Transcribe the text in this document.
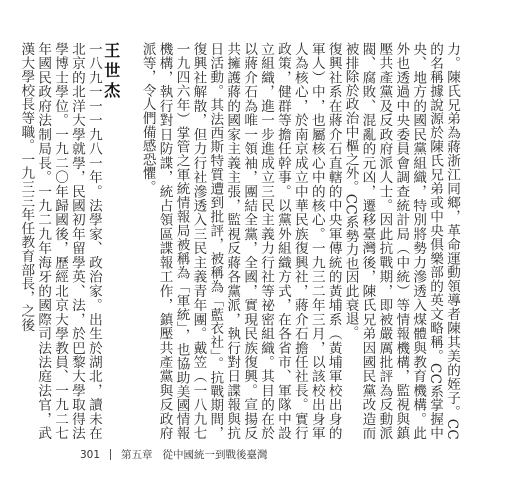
力。陳氏兄弟為蔣浙江同鄉，革命運動領導者陳其美的姪子。CC的名稱據說源於陳氏兄弟或中央俱樂部的英文略稱。CC系掌握中央、地方的國民黨組織，特別將勢力滲透入煤體與教育機構。此外也透過中央委員會調查統計局（中統）等情報機構，監視與鎮壓共產黨及反政府派人士。因此抗戰期，即被嚴厲批評為反動派閥、腐敗、混亂的元凶，遷移臺灣後，陳氏兄弟因國民黨改造而被排除於政治中樞之外。CC系勢力也因此衰退。

復興社系在蔣介石直轄的中央軍傳統的黃埔系（黃埔軍校出身的軍人）中，也屬核心中的核心。一九三二年三月，以該校出身軍人為核心，於南京成立中華民族復興社，蔣介石擔任社長。實行政策，健群等擔任幹事。以黨外組織方式，在各省市、軍隊中設立組織，進一步進成立三民主義力行社等祕密組織。其目的在於以蔣介石為唯一領袖，團結全黨，全國，實現民族復興。宣揚反共擁護蔣的國家主義主張，監視反蔣各黨派，執行對日諜報與抗日活動。其法西斯特質遭到批評，被稱為「藍衣社」。抗戰期間，復興社解散，但力行社滲透入三民主義青年團。戴笠（一八九七一九四六年）掌管之軍統情報局被稱為「軍統」，也協助美國情報機構，執行對日防諜，統占領區諜報工作，鎮壓共產黨與反政府派等，令人們備感恐懼。

王世杰

一八九一一一九八一年。法學家、政治家。出生於湖北，讀未在北京的北洋大學就學，民國初年留學英、法，於巴黎大學取得法學博士學位。一九二〇年歸國後，歷經北京大學教員、一九二七年國民政府法制局長。一九二九年海牙的國際司法法庭法官，武漢大學校長等職。一九三三年任教育部長，之後

301 第五章 從中國統一到戰後臺灣
